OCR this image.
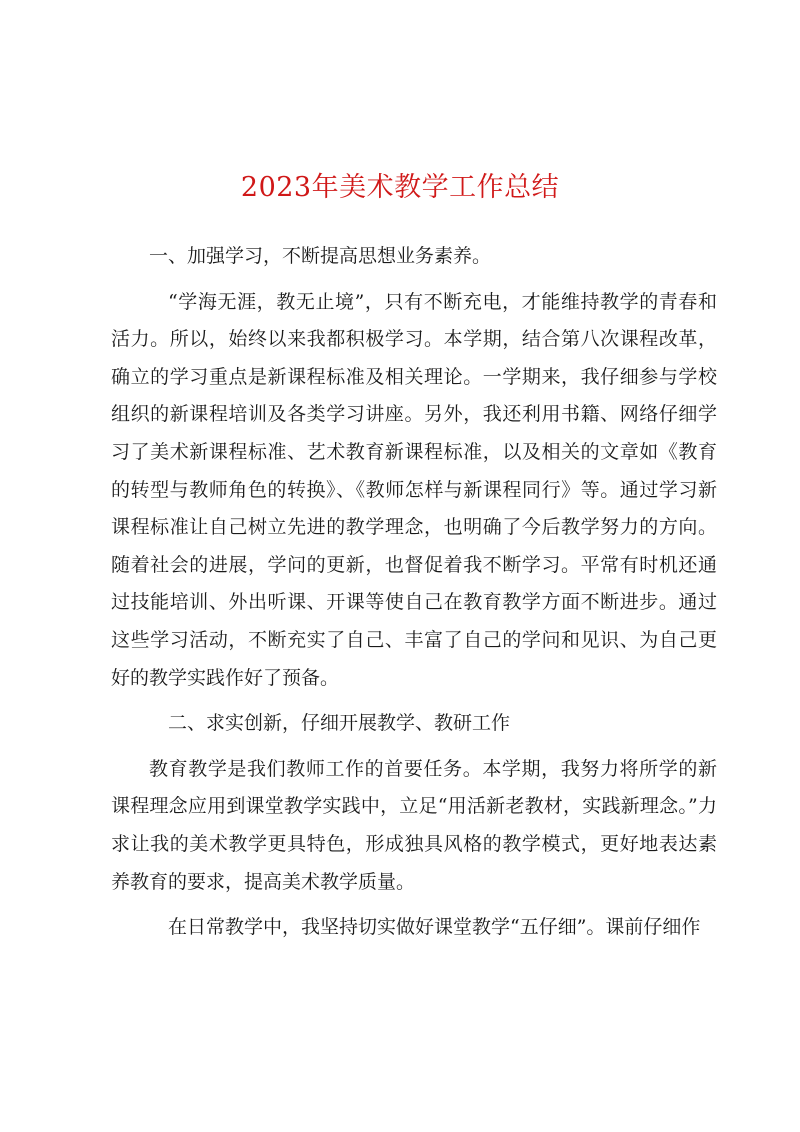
2023年美术教学工作总结

一、加强学习，不断提高思想业务素养。

“学海无涯，教无止境”，只有不断充电，才能维持教学的青春和活力。所以，始终以来我都积极学习。本学期，结合第八次课程改革，确立的学习重点是新课程标准及相关理论。一学期来，我仔细参与学校组织的新课程培训及各类学习讲座。另外，我还利用书籍、网络仔细学习了美术新课程标准、艺术教育新课程标准，以及相关的文章如《教育的转型与教师角色的转换》、《教师怎样与新课程同行》等。通过学习新课程标准让自己树立先进的教学理念，也明确了今后教学努力的方向。随着社会的进展，学问的更新，也督促着我不断学习。平常有时机还通过技能培训、外出听课、开课等使自己在教育教学方面不断进步。通过这些学习活动，不断充实了自己、丰富了自己的学问和见识、为自己更好的教学实践作好了预备。

二、求实创新，仔细开展教学、教研工作

教育教学是我们教师工作的首要任务。本学期，我努力将所学的新课程理念应用到课堂教学实践中，立足“用活新老教材，实践新理念。”力求让我的美术教学更具特色，形成独具风格的教学模式，更好地表达素养教育的要求，提高美术教学质量。

在日常教学中，我坚持切实做好课堂教学“五仔细”。课前仔细作
